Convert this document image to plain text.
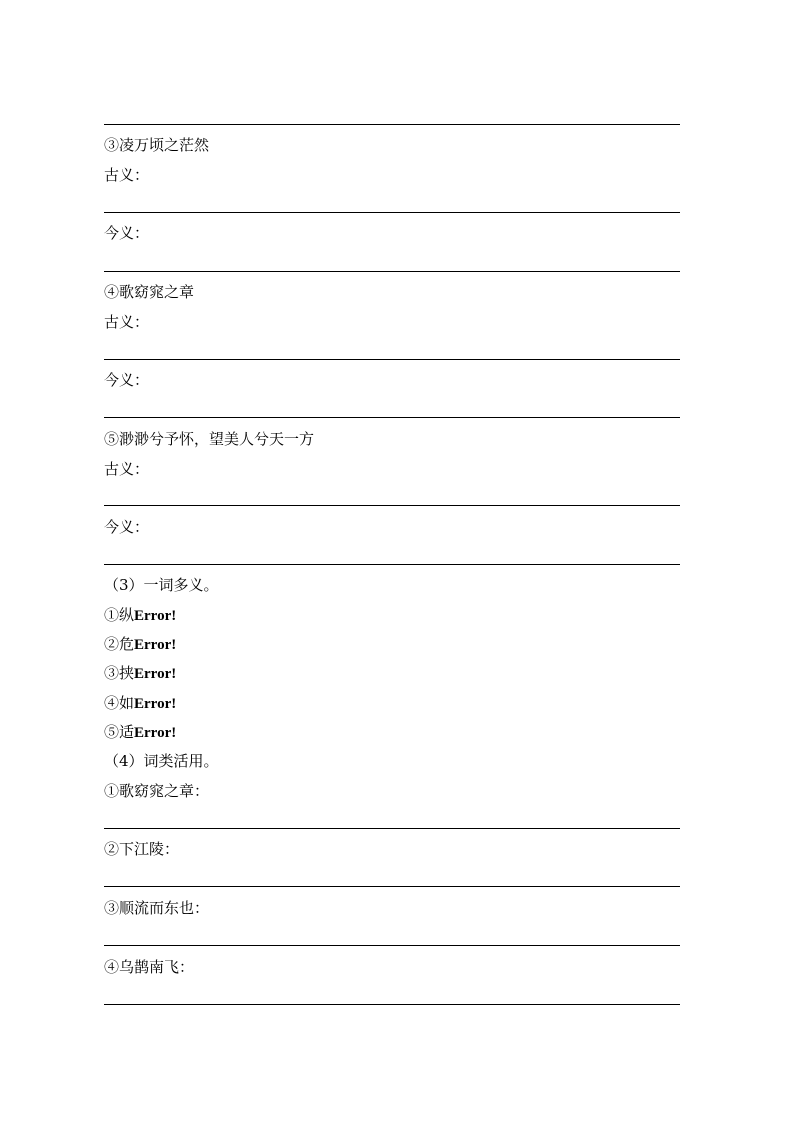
③凌万顷之茫然
古义：
今义：
④歌窈窕之章
古义：
今义：
⑤渺渺兮予怀，望美人兮天一方
古义：
今义：
（3）一词多义。
①纵Error!
②危Error!
③挟Error!
④如Error!
⑤适Error!
（4）词类活用。
①歌窈窕之章：
②下江陵：
③顺流而东也：
④乌鹊南飞：
